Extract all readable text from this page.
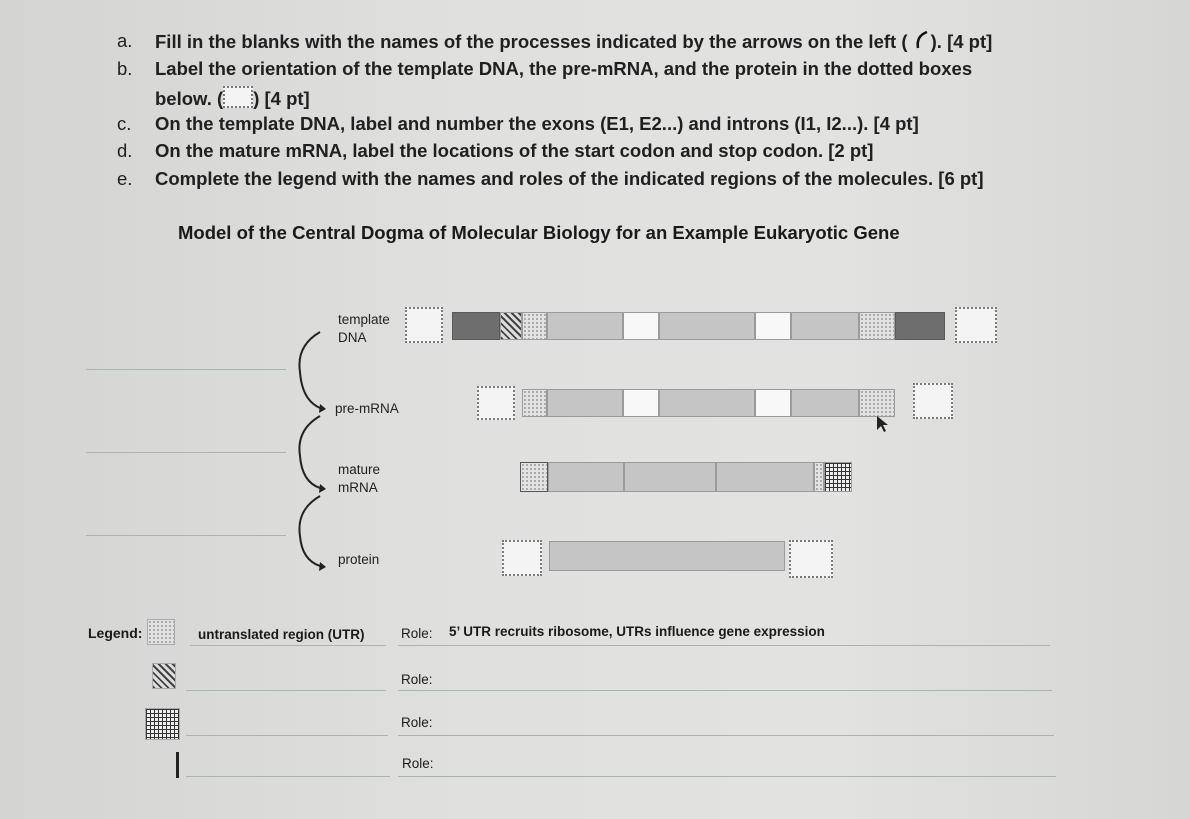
a. Fill in the blanks with the names of the processes indicated by the arrows on the left ( ). [4 pt]
b. Label the orientation of the template DNA, the pre-mRNA, and the protein in the dotted boxes
below. ( ) [4 pt]
c. On the template DNA, label and number the exons (E1, E2...) and introns (I1, I2...). [4 pt]
d. On the mature mRNA, label the locations of the start codon and stop codon. [2 pt]
e. Complete the legend with the names and roles of the indicated regions of the molecules. [6 pt]
Model of the Central Dogma of Molecular Biology for an Example Eukaryotic Gene
template
DNA
pre-mRNA
mature
mRNA
protein
Legend:	untranslated region (UTR)	Role: 5’ UTR recruits ribosome, UTRs influence gene expression
Role:
Role:
Role:
